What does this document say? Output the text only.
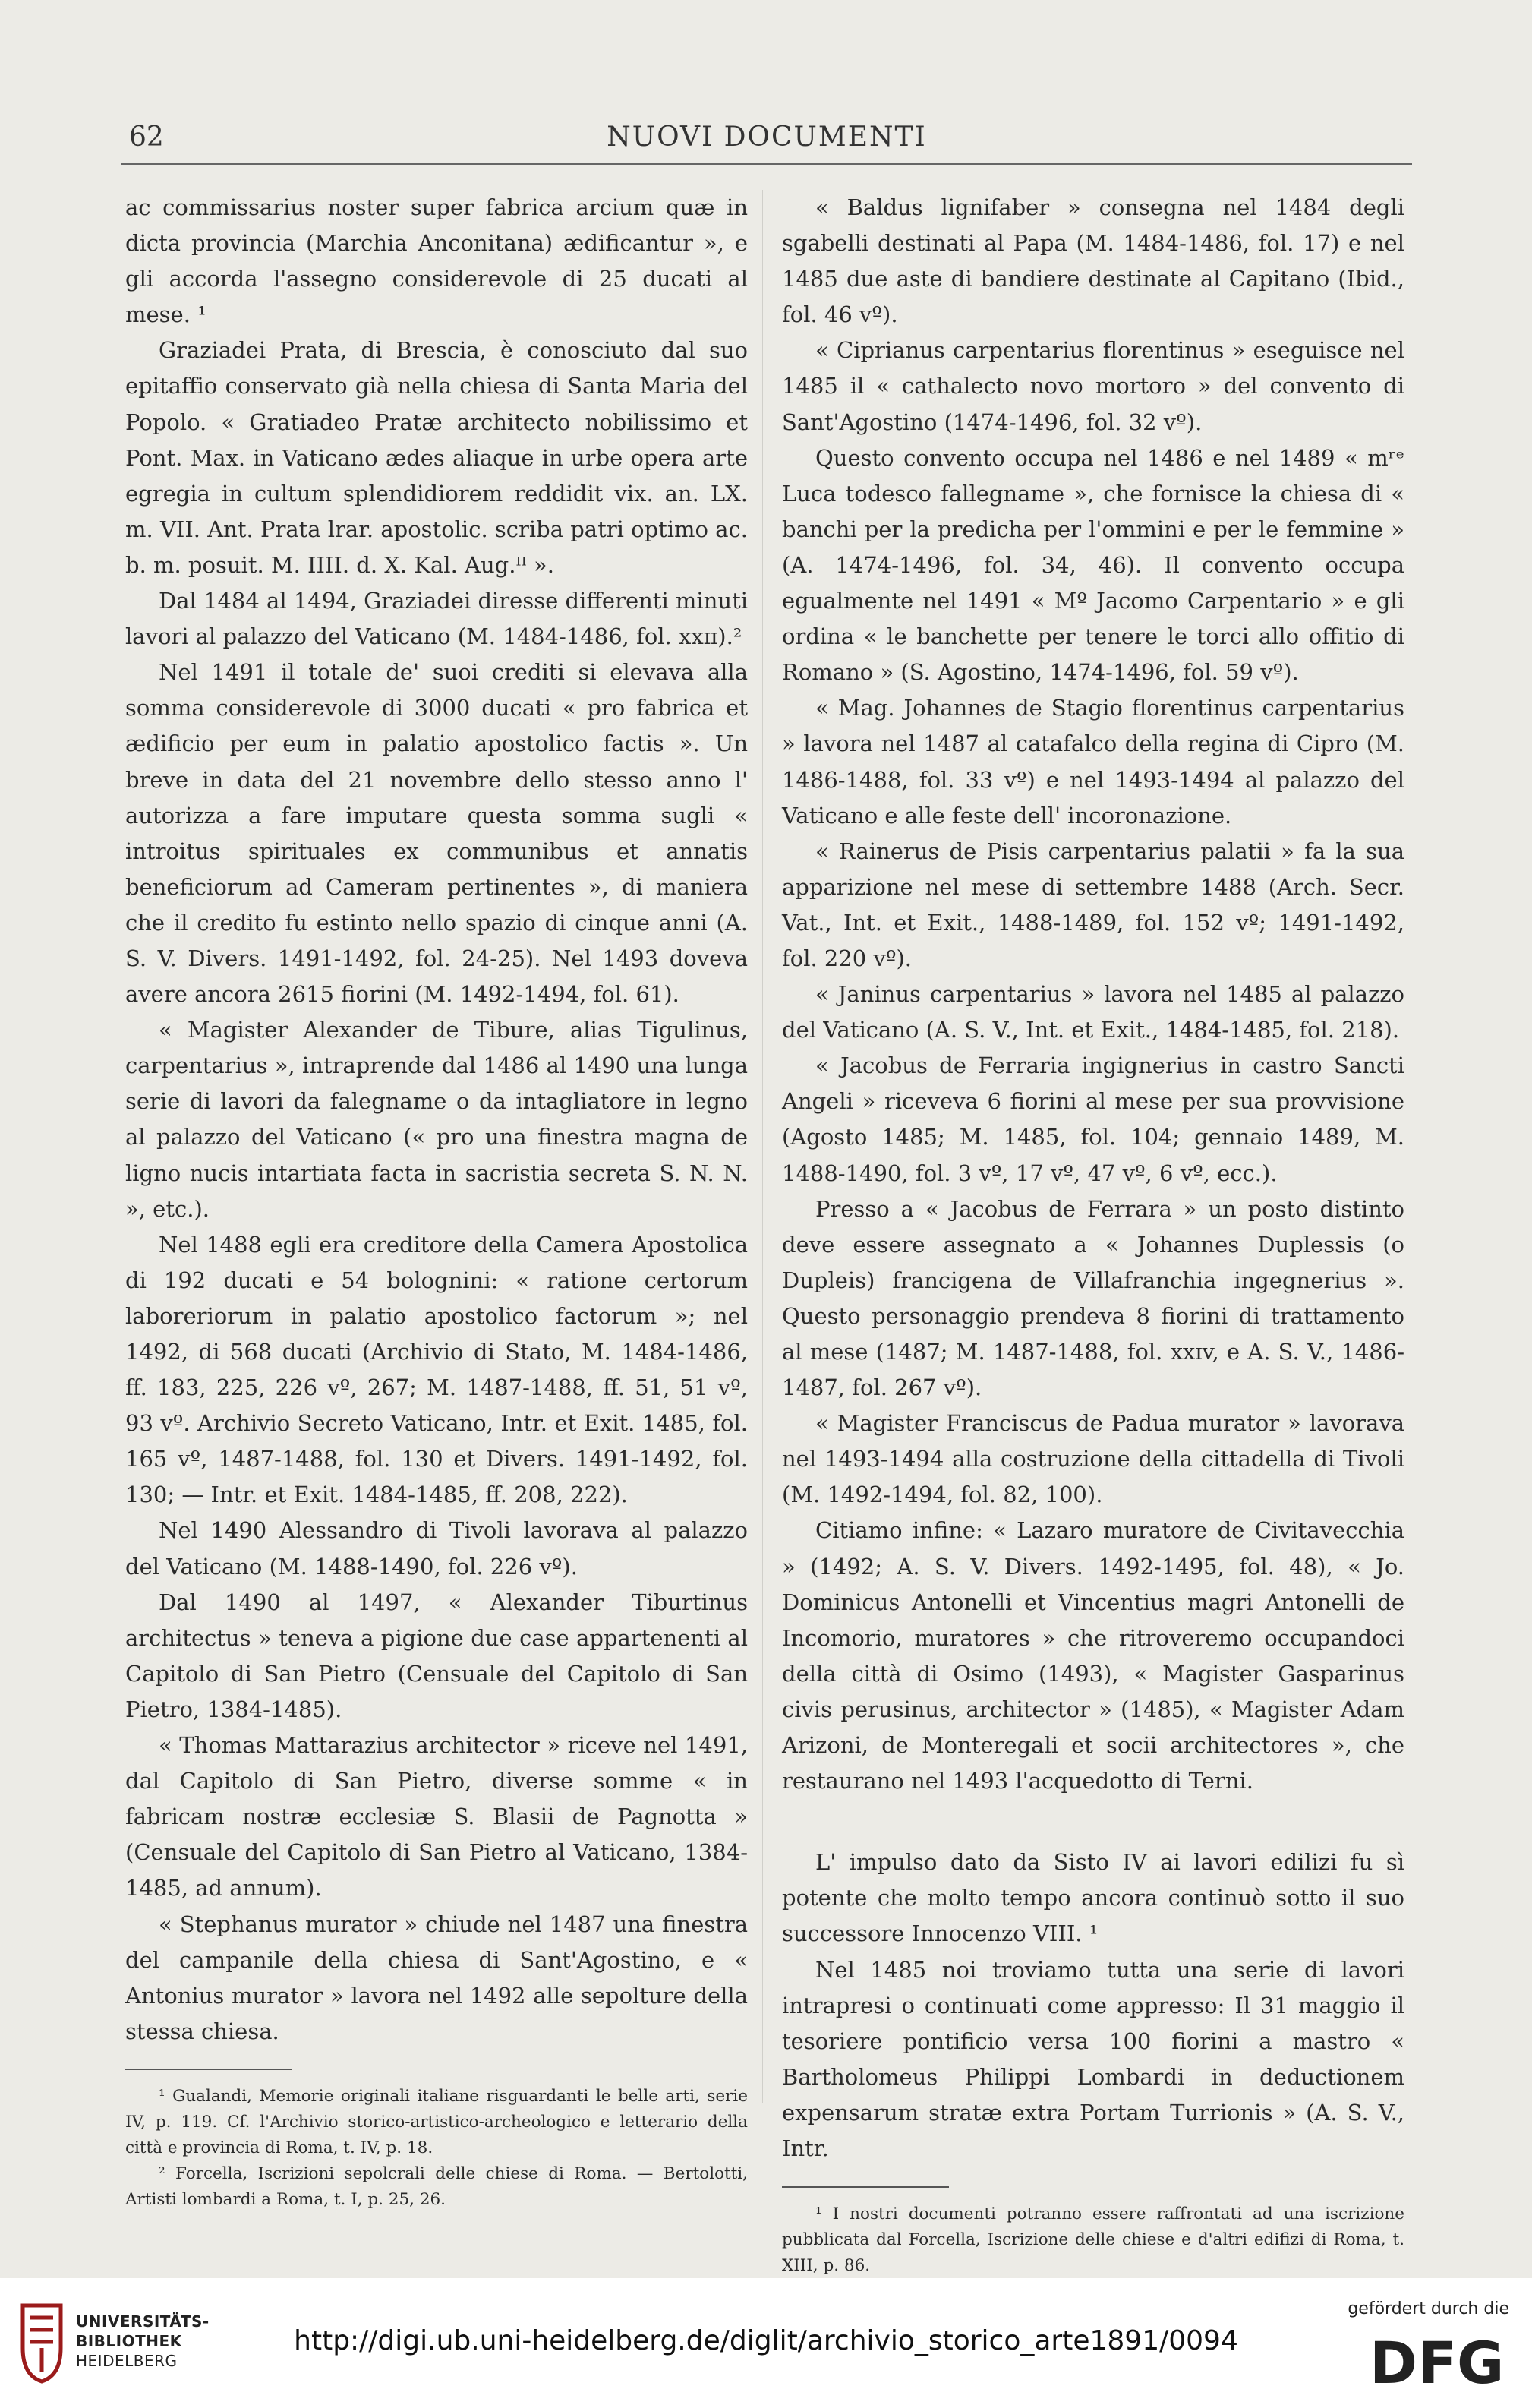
62	NUOVI DOCUMENTI

ac commissarius noster super fabrica arcium quæ in dicta provincia (Marchia Anconitana) ædificantur », e gli accorda l'assegno considerevole di 25 ducati al mese. ¹

Graziadei Prata, di Brescia, è conosciuto dal suo epitaffio conservato già nella chiesa di Santa Maria del Popolo. « Gratiadeo Pratæ architecto nobilissimo et Pont. Max. in Vaticano ædes aliaque in urbe opera arte egregia in cultum splendidiorem reddidit vix. an. LX. m. VII. Ant. Prata lrar. apostolic. scriba patri optimo ac. b. m. posuit. M. IIII. d. X. Kal. Aug.ᴵᴵ ».

Dal 1484 al 1494, Graziadei diresse differenti minuti lavori al palazzo del Vaticano (M. 1484-1486, fol. xxɪɪ).²

Nel 1491 il totale de' suoi crediti si elevava alla somma considerevole di 3000 ducati « pro fabrica et ædificio per eum in palatio apostolico factis ». Un breve in data del 21 novembre dello stesso anno l' autorizza a fare imputare questa somma sugli « introitus spirituales ex communibus et annatis beneficiorum ad Cameram pertinentes », di maniera che il credito fu estinto nello spazio di cinque anni (A. S. V. Divers. 1491-1492, fol. 24-25). Nel 1493 doveva avere ancora 2615 fiorini (M. 1492-1494, fol. 61).

« Magister Alexander de Tibure, alias Tigulinus, carpentarius », intraprende dal 1486 al 1490 una lunga serie di lavori da falegname o da intagliatore in legno al palazzo del Vaticano (« pro una finestra magna de ligno nucis intartiata facta in sacristia secreta S. N. N. », etc.).

Nel 1488 egli era creditore della Camera Apostolica di 192 ducati e 54 bolognini: « ratione certorum laboreriorum in palatio apostolico factorum »; nel 1492, di 568 ducati (Archivio di Stato, M. 1484-1486, ff. 183, 225, 226 vº, 267; M. 1487-1488, ff. 51, 51 vº, 93 vº. Archivio Secreto Vaticano, Intr. et Exit. 1485, fol. 165 vº, 1487-1488, fol. 130 et Divers. 1491-1492, fol. 130; — Intr. et Exit. 1484-1485, ff. 208, 222).

Nel 1490 Alessandro di Tivoli lavorava al palazzo del Vaticano (M. 1488-1490, fol. 226 vº).

Dal 1490 al 1497, « Alexander Tiburtinus architectus » teneva a pigione due case appartenenti al Capitolo di San Pietro (Censuale del Capitolo di San Pietro, 1384-1485).

« Thomas Mattarazius architector » riceve nel 1491, dal Capitolo di San Pietro, diverse somme « in fabricam nostræ ecclesiæ S. Blasii de Pagnotta » (Censuale del Capitolo di San Pietro al Vaticano, 1384-1485, ad annum).

« Stephanus murator » chiude nel 1487 una finestra del campanile della chiesa di Sant'Agostino, e « Antonius murator » lavora nel 1492 alle sepolture della stessa chiesa.

¹ Gualandi, Memorie originali italiane risguardanti le belle arti, serie IV, p. 119. Cf. l'Archivio storico-artistico-archeologico e letterario della città e provincia di Roma, t. IV, p. 18.

² Forcella, Iscrizioni sepolcrali delle chiese di Roma. — Bertolotti, Artisti lombardi a Roma, t. I, p. 25, 26.

« Baldus lignifaber » consegna nel 1484 degli sgabelli destinati al Papa (M. 1484-1486, fol. 17) e nel 1485 due aste di bandiere destinate al Capitano (Ibid., fol. 46 vº).

« Ciprianus carpentarius florentinus » eseguisce nel 1485 il « cathalecto novo mortoro » del convento di Sant'Agostino (1474-1496, fol. 32 vº).

Questo convento occupa nel 1486 e nel 1489 « mʳᵉ Luca todesco fallegname », che fornisce la chiesa di « banchi per la predicha per l'ommini e per le femmine » (A. 1474-1496, fol. 34, 46). Il convento occupa egualmente nel 1491 « Mº Jacomo Carpentario » e gli ordina « le banchette per tenere le torci allo offitio di Romano » (S. Agostino, 1474-1496, fol. 59 vº).

« Mag. Johannes de Stagio florentinus carpentarius » lavora nel 1487 al catafalco della regina di Cipro (M. 1486-1488, fol. 33 vº) e nel 1493-1494 al palazzo del Vaticano e alle feste dell' incoronazione.

« Rainerus de Pisis carpentarius palatii » fa la sua apparizione nel mese di settembre 1488 (Arch. Secr. Vat., Int. et Exit., 1488-1489, fol. 152 vº; 1491-1492, fol. 220 vº).

« Janinus carpentarius » lavora nel 1485 al palazzo del Vaticano (A. S. V., Int. et Exit., 1484-1485, fol. 218).

« Jacobus de Ferraria ingignerius in castro Sancti Angeli » riceveva 6 fiorini al mese per sua provvisione (Agosto 1485; M. 1485, fol. 104; gennaio 1489, M. 1488-1490, fol. 3 vº, 17 vº, 47 vº, 6 vº, ecc.).

Presso a « Jacobus de Ferrara » un posto distinto deve essere assegnato a « Johannes Duplessis (o Dupleis) francigena de Villafranchia ingegnerius ». Questo personaggio prendeva 8 fiorini di trattamento al mese (1487; M. 1487-1488, fol. xxɪv, e A. S. V., 1486-1487, fol. 267 vº).

« Magister Franciscus de Padua murator » lavorava nel 1493-1494 alla costruzione della cittadella di Tivoli (M. 1492-1494, fol. 82, 100).

Citiamo infine: « Lazaro muratore de Civitavecchia » (1492; A. S. V. Divers. 1492-1495, fol. 48), « Jo. Dominicus Antonelli et Vincentius magri Antonelli de Incomorio, muratores » che ritroveremo occupandoci della città di Osimo (1493), « Magister Gasparinus civis perusinus, architector » (1485), « Magister Adam Arizoni, de Monteregali et socii architectores », che restaurano nel 1493 l'acquedotto di Terni.

L' impulso dato da Sisto IV ai lavori edilizi fu sì potente che molto tempo ancora continuò sotto il suo successore Innocenzo VIII. ¹

Nel 1485 noi troviamo tutta una serie di lavori intrapresi o continuati come appresso: Il 31 maggio il tesoriere pontificio versa 100 fiorini a mastro « Bartholomeus Philippi Lombardi in deductionem expensarum stratæ extra Portam Turrionis » (A. S. V., Intr.

¹ I nostri documenti potranno essere raffrontati ad una iscrizione pubblicata dal Forcella, Iscrizione delle chiese e d'altri edifizi di Roma, t. XIII, p. 86.

UNIVERSITÄTS-
BIBLIOTHEK
HEIDELBERG
http://digi.ub.uni-heidelberg.de/diglit/archivio_storico_arte1891/0094
gefördert durch die
DFG
